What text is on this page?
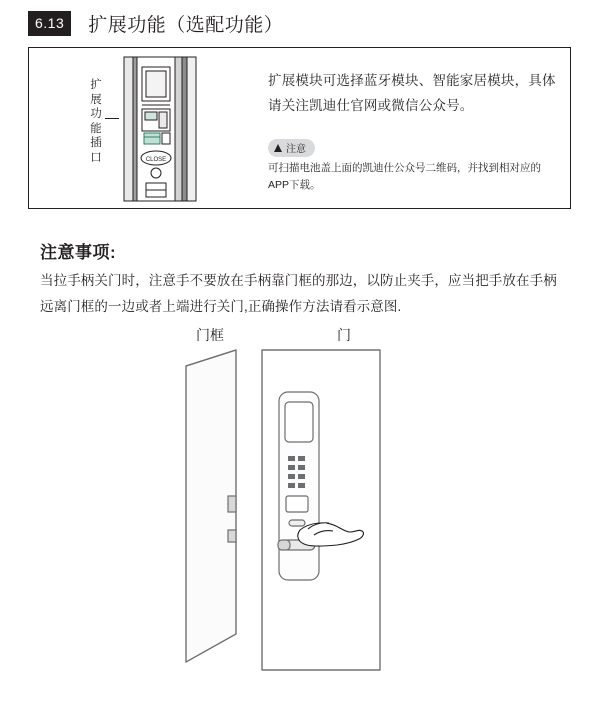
6.13	扩展功能（选配功能）
扩展功能插口	CLOSE
扩展模块可选择蓝牙模块、智能家居模块，具体请关注凯迪仕官网或微信公众号。
注意
可扫描电池盖上面的凯迪仕公众号二维码，并找到相对应的APP下载。
注意事项:
当拉手柄关门时，注意手不要放在手柄靠门框的那边，以防止夹手，应当把手放在手柄远离门框的一边或者上端进行关门,正确操作方法请看示意图.
门框	门
